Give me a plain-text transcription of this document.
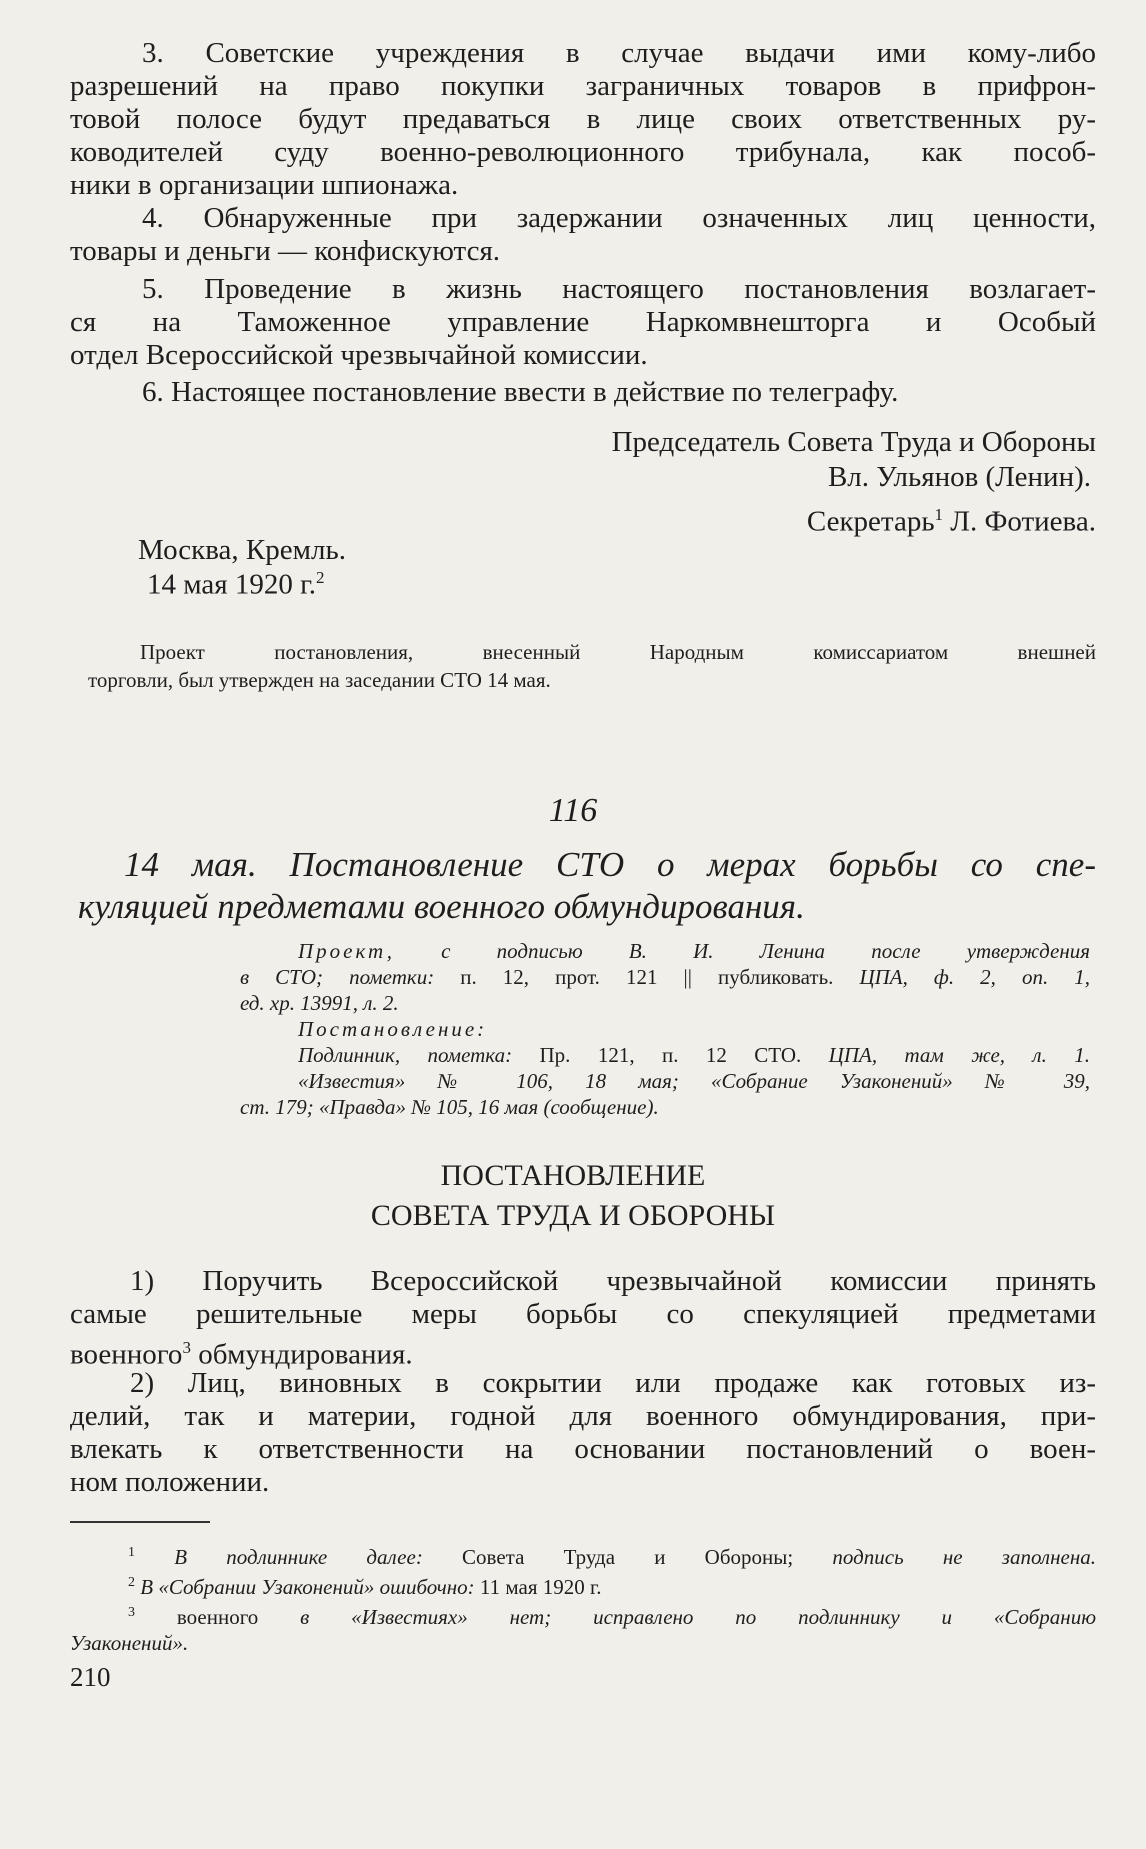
3. Советские учреждения в случае выдачи ими кому-либо
разрешений на право покупки заграничных товаров в прифрон-
товой полосе будут предаваться в лице своих ответственных ру-
ководителей суду военно-революционного трибунала, как пособ-
ники в организации шпионажа.
4. Обнаруженные при задержании означенных лиц ценности,
товары и деньги — конфискуются.
5. Проведение в жизнь настоящего постановления возлагает-
ся на Таможенное управление Наркомвнешторга и Особый
отдел Всероссийской чрезвычайной комиссии.
6. Настоящее постановление ввести в действие по телеграфу.
Председатель Совета Труда и Обороны
Вл. Ульянов (Ленин).
Секретарь$^1$ Л. Фотиева.
Москва, Кремль.
14 мая 1920 г.$^2$
Проект постановления, внесенный Народным комиссариатом внешней
торговли, был утвержден на заседании СТО 14 мая.
116
14 мая. Постановление СТО о мерах борьбы со спе-
куляцией предметами военного обмундирования.
Проект, с подписью В. И. Ленина после утверждения
в СТО; пометки: п. 12, прот. 121 || публиковать. ЦПА, ф. 2, оп. 1,
ед. хр. 13991, л. 2.
Постановление:
Подлинник, пометка: Пр. 121, п. 12 СТО. ЦПА, там же, л. 1.
«Известия» № 106, 18 мая; «Собрание Узаконений» № 39,
ст. 179; «Правда» № 105, 16 мая (сообщение).
ПОСТАНОВЛЕНИЕ
СОВЕТА ТРУДА И ОБОРОНЫ
1) Поручить Всероссийской чрезвычайной комиссии принять
самые решительные меры борьбы со спекуляцией предметами
военного$^3$ обмундирования.
2) Лиц, виновных в сокрытии или продаже как готовых из-
делий, так и материи, годной для военного обмундирования, при-
влекать к ответственности на основании постановлений о воен-
ном положении.
$^1$ В подлиннике далее: Совета Труда и Обороны; подпись не заполнена.
$^2$ В «Собрании Узаконений» ошибочно: 11 мая 1920 г.
$^3$ военного в «Известиях» нет; исправлено по подлиннику и «Собранию
Узаконений».
210
